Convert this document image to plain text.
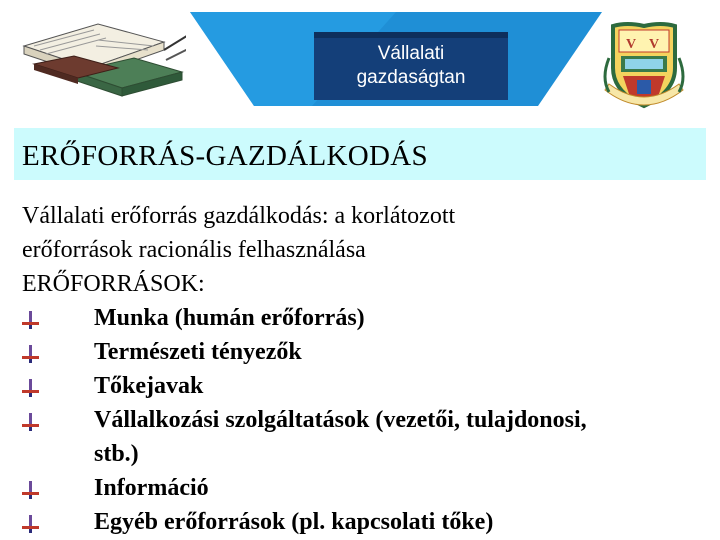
Vállalati
gazdaságtan
V V
ERŐFORRÁS-GAZDÁLKODÁS
Vállalati erőforrás gazdálkodás: a korlátozott
erőforrások racionális felhasználása
ERŐFORRÁSOK:
Munka (humán erőforrás)
Természeti tényezők
Tőkejavak
Vállalkozási szolgáltatások (vezetői, tulajdonosi,
stb.)
Információ
Egyéb erőforrások (pl. kapcsolati tőke)
